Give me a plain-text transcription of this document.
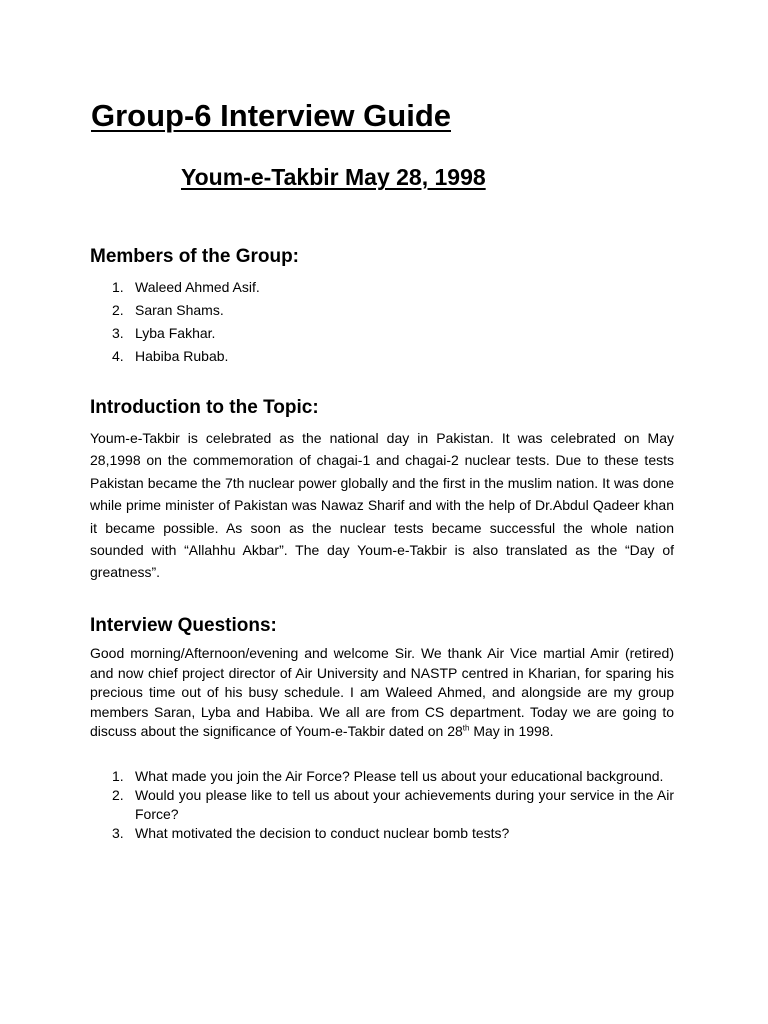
Group-6 Interview Guide
Youm-e-Takbir May 28, 1998
Members of the Group:
1. Waleed Ahmed Asif.
2. Saran Shams.
3. Lyba Fakhar.
4. Habiba Rubab.
Introduction to the Topic:

Youm-e-Takbir is celebrated as the national day in Pakistan. It was celebrated on May 28,1998 on the commemoration of chagai-1 and chagai-2 nuclear tests. Due to these tests Pakistan became the 7th nuclear power globally and the first in the muslim nation. It was done while prime minister of Pakistan was Nawaz Sharif and with the help of Dr.Abdul Qadeer khan it became possible. As soon as the nuclear tests became successful the whole nation sounded with “Allahhu Akbar”. The day Youm-e-Takbir is also translated as the “Day of greatness”.

Interview Questions:

Good morning/Afternoon/evening and welcome Sir. We thank Air Vice martial Amir (retired) and now chief project director of Air University and NASTP centred in Kharian, for sparing his precious time out of his busy schedule. I am Waleed Ahmed, and alongside are my group members Saran, Lyba and Habiba. We all are from CS department. Today we are going to discuss about the significance of Youm-e-Takbir dated on 28th May in 1998.

1. What made you join the Air Force? Please tell us about your educational background.
2. Would you please like to tell us about your achievements during your service in the Air Force?
3. What motivated the decision to conduct nuclear bomb tests?
